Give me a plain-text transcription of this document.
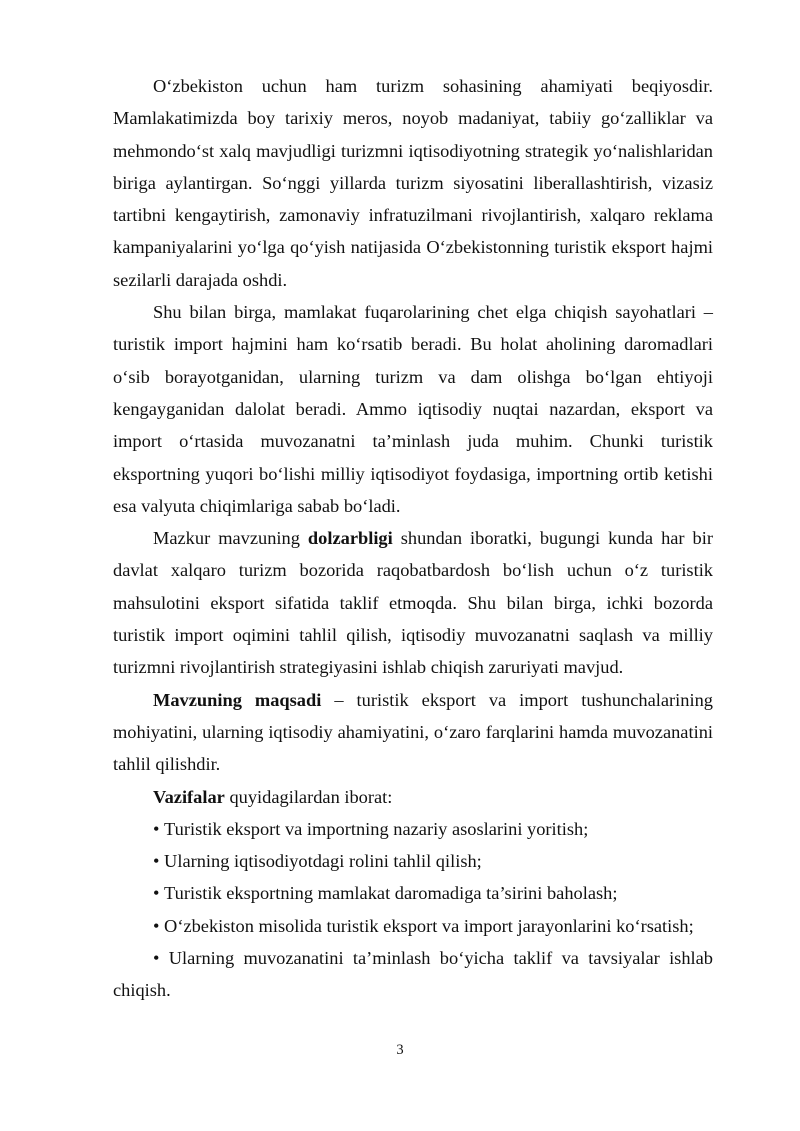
O‘zbekiston uchun ham turizm sohasining ahamiyati beqiyosdir. Mamlakatimizda boy tarixiy meros, noyob madaniyat, tabiiy go‘zalliklar va mehmondo‘st xalq mavjudligi turizmni iqtisodiyotning strategik yo‘nalishlaridan biriga aylantirgan. So‘nggi yillarda turizm siyosatini liberallashtirish, vizasiz tartibni kengaytirish, zamonaviy infratuzilmani rivojlantirish, xalqaro reklama kampaniyalarini yo‘lga qo‘yish natijasida O‘zbekistonning turistik eksport hajmi sezilarli darajada oshdi.

Shu bilan birga, mamlakat fuqarolarining chet elga chiqish sayohatlari – turistik import hajmini ham ko‘rsatib beradi. Bu holat aholining daromadlari o‘sib borayotganidan, ularning turizm va dam olishga bo‘lgan ehtiyoji kengayganidan dalolat beradi. Ammo iqtisodiy nuqtai nazardan, eksport va import o‘rtasida muvozanatni ta’minlash juda muhim. Chunki turistik eksportning yuqori bo‘lishi milliy iqtisodiyot foydasiga, importning ortib ketishi esa valyuta chiqimlariga sabab bo‘ladi.

Mazkur mavzuning dolzarbligi shundan iboratki, bugungi kunda har bir davlat xalqaro turizm bozorida raqobatbardosh bo‘lish uchun o‘z turistik mahsulotini eksport sifatida taklif etmoqda. Shu bilan birga, ichki bozorda turistik import oqimini tahlil qilish, iqtisodiy muvozanatni saqlash va milliy turizmni rivojlantirish strategiyasini ishlab chiqish zaruriyati mavjud.

Mavzuning maqsadi – turistik eksport va import tushunchalarining mohiyatini, ularning iqtisodiy ahamiyatini, o‘zaro farqlarini hamda muvozanatini tahlil qilishdir.

Vazifalar quyidagilardan iborat:

• Turistik eksport va importning nazariy asoslarini yoritish;

• Ularning iqtisodiyotdagi rolini tahlil qilish;

• Turistik eksportning mamlakat daromadiga ta’sirini baholash;

• O‘zbekiston misolida turistik eksport va import jarayonlarini ko‘rsatish;

• Ularning muvozanatini ta’minlash bo‘yicha taklif va tavsiyalar ishlab chiqish.

3
